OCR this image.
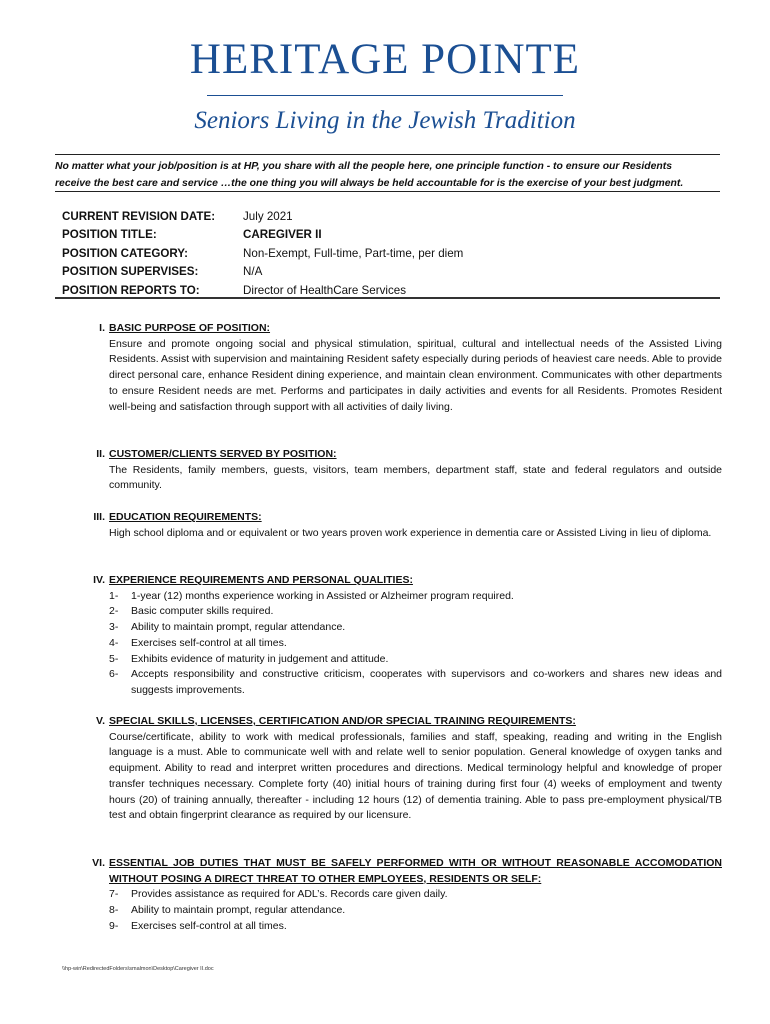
HERITAGE POINTE
Seniors Living in the Jewish Tradition
No matter what your job/position is at HP, you share with all the people here, one principle function - to ensure our Residents
receive the best care and service …the one thing you will always be held accountable for is the exercise of your best judgment.
CURRENT REVISION DATE:	July 2021
POSITION TITLE:	CAREGIVER II
POSITION CATEGORY:	Non-Exempt, Full-time, Part-time, per diem
POSITION SUPERVISES:	N/A
POSITION REPORTS TO:	Director of HealthCare Services
I. BASIC PURPOSE OF POSITION:
Ensure and promote ongoing social and physical stimulation, spiritual, cultural and intellectual needs of the Assisted Living Residents. Assist with supervision and maintaining Resident safety especially during periods of heaviest care needs. Able to provide direct personal care, enhance Resident dining experience, and maintain clean environment. Communicates with other departments to ensure Resident needs are met. Performs and participates in daily activities and events for all Residents. Promotes Resident well-being and satisfaction through support with all activities of daily living.
II. CUSTOMER/CLIENTS SERVED BY POSITION:
The Residents, family members, guests, visitors, team members, department staff, state and federal regulators and outside community.
III. EDUCATION REQUIREMENTS:
High school diploma and or equivalent or two years proven work experience in dementia care or Assisted Living in lieu of diploma.
IV. EXPERIENCE REQUIREMENTS AND PERSONAL QUALITIES:
1-	1-year (12) months experience working in Assisted or Alzheimer program required.
2-	Basic computer skills required.
3-	Ability to maintain prompt, regular attendance.
4-	Exercises self-control at all times.
5-	Exhibits evidence of maturity in judgement and attitude.
6-	Accepts responsibility and constructive criticism, cooperates with supervisors and co-workers and shares new ideas and suggests improvements.
V. SPECIAL SKILLS, LICENSES, CERTIFICATION AND/OR SPECIAL TRAINING REQUIREMENTS:
Course/certificate, ability to work with medical professionals, families and staff, speaking, reading and writing in the English language is a must. Able to communicate well with and relate well to senior population. General knowledge of oxygen tanks and equipment. Ability to read and interpret written procedures and directions. Medical terminology helpful and knowledge of proper transfer techniques necessary. Complete forty (40) initial hours of training during first four (4) weeks of employment and twenty hours (20) of training annually, thereafter - including 12 hours (12) of dementia training. Able to pass pre-employment physical/TB test and obtain fingerprint clearance as required by our licensure.
VI. ESSENTIAL JOB DUTIES THAT MUST BE SAFELY PERFORMED WITH OR WITHOUT REASONABLE ACCOMODATION WITHOUT POSING A DIRECT THREAT TO OTHER EMPLOYEES, RESIDENTS OR SELF:
7-	Provides assistance as required for ADL’s. Records care given daily.
8-	Ability to maintain prompt, regular attendance.
9-	Exercises self-control at all times.
\\hp-win\RedirectedFolders\smalmon\Desktop\Caregiver II.doc
